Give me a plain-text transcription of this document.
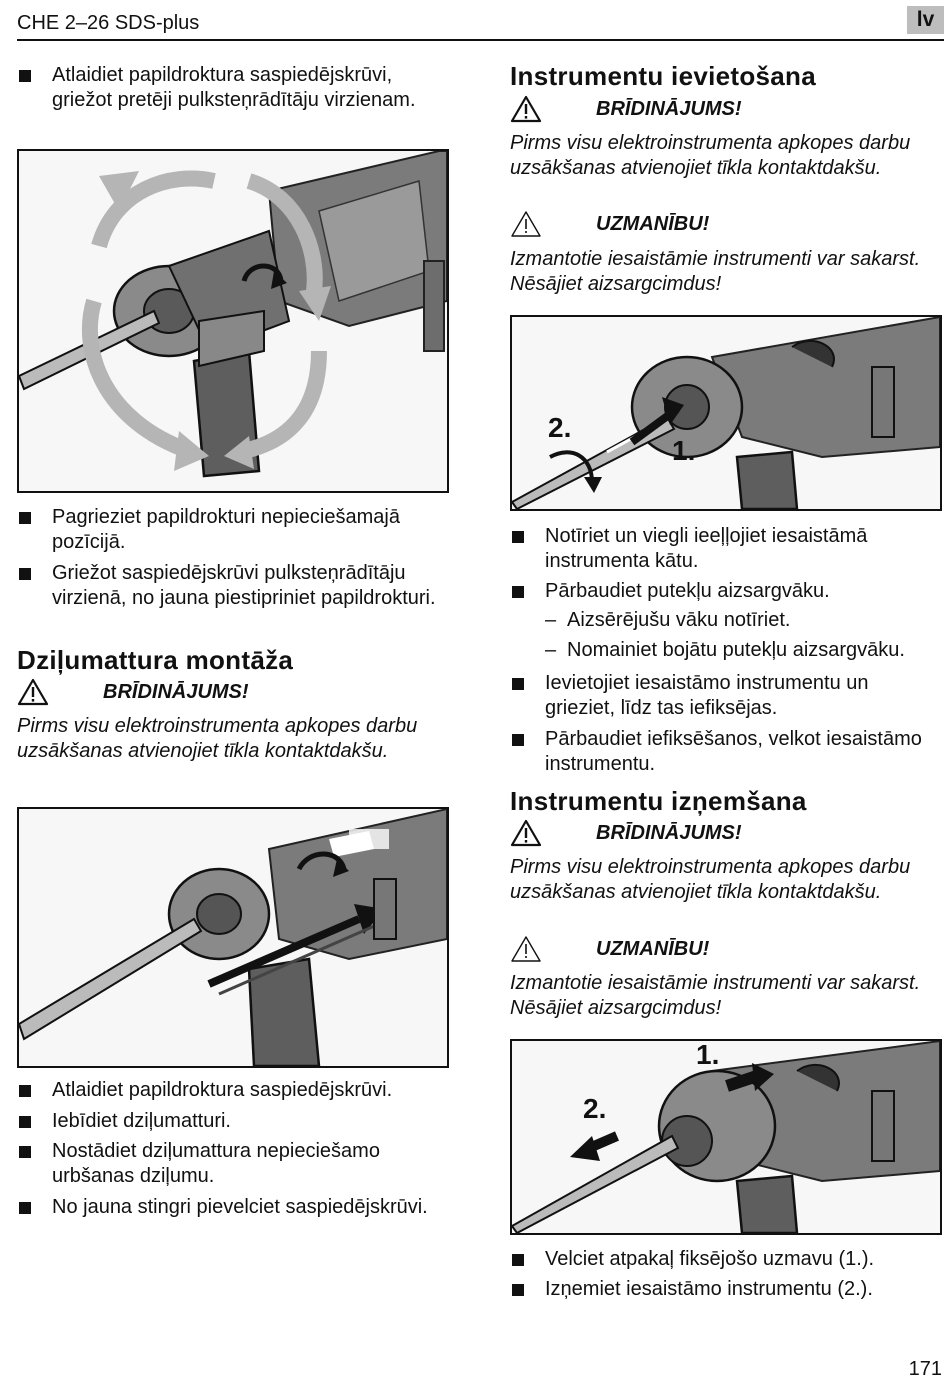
CHE 2–26 SDS-plus	lv
Atlaidiet papildroktura saspiedējskrūvi, griežot pretēji pulksteņrādītāju virzienam.
Pagrieziet papildrokturi nepieciešamajā pozīcijā.
Griežot saspiedējskrūvi pulksteņrādītāju virzienā, no jauna piestipriniet papildrokturi.
Dziļumattura montāža
BRĪDINĀJUMS!
Pirms visu elektroinstrumenta apkopes darbu uzsākšanas atvienojiet tīkla kontaktdakšu.
Atlaidiet papildroktura saspiedējskrūvi.
Iebīdiet dziļumatturi.
Nostādiet dziļumattura nepieciešamo urbšanas dziļumu.
No jauna stingri pievelciet saspiedējskrūvi.
Instrumentu ievietošana
BRĪDINĀJUMS!
Pirms visu elektroinstrumenta apkopes darbu uzsākšanas atvienojiet tīkla kontaktdakšu.
UZMANĪBU!
Izmantotie iesaistāmie instrumenti var sakarst. Nēsājiet aizsargcimdus!
2.
1.
Notīriet un viegli ieeļļojiet iesaistāmā instrumenta kātu.
Pārbaudiet putekļu aizsargvāku.
– Aizsērējušu vāku notīriet.
– Nomainiet bojātu putekļu aizsargvāku.
Ievietojiet iesaistāmo instrumentu un grieziet, līdz tas iefiksējas.
Pārbaudiet iefiksēšanos, velkot iesaistāmo instrumentu.
Instrumentu izņemšana
BRĪDINĀJUMS!
Pirms visu elektroinstrumenta apkopes darbu uzsākšanas atvienojiet tīkla kontaktdakšu.
UZMANĪBU!
Izmantotie iesaistāmie instrumenti var sakarst. Nēsājiet aizsargcimdus!
1.
2.
Velciet atpakaļ fiksējošo uzmavu (1.).
Izņemiet iesaistāmo instrumentu (2.).
171
